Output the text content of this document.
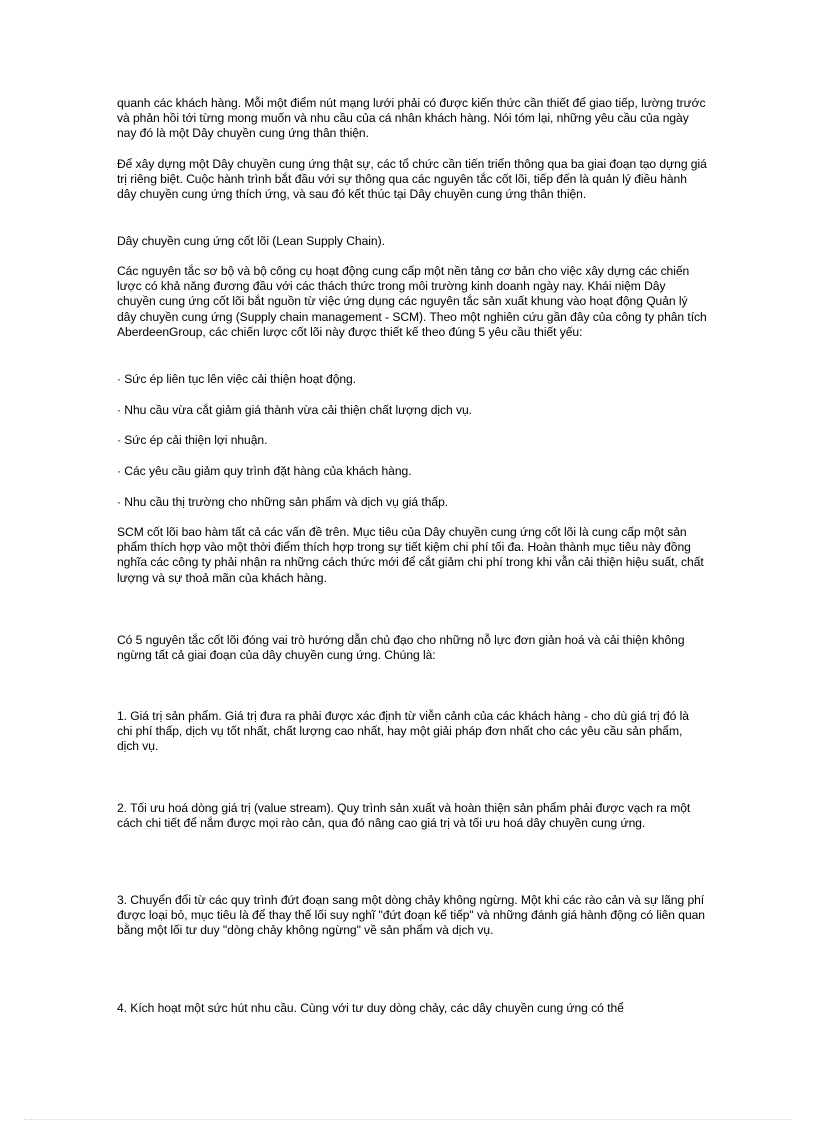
quanh các khách hàng. Mỗi một điểm nút mạng lưới phải có được kiến thức cần thiết để giao tiếp, lường trước và phản hồi tới từng mong muốn và nhu cầu của cá nhân khách hàng. Nói tóm lại, những yêu cầu của ngày nay đó là một Dây chuyền cung ứng thân thiện.

Để xây dựng một Dây chuyền cung ứng thật sự, các tổ chức cần tiến triển thông qua ba giai đoạn tạo dựng giá trị riêng biệt. Cuộc hành trình bắt đầu với sự thông qua các nguyên tắc cốt lõi, tiếp đến là quản lý điều hành dây chuyền cung ứng thích ứng, và sau đó kết thúc tại Dây chuyền cung ứng thân thiện.

Dây chuyền cung ứng cốt lõi (Lean Supply Chain).

Các nguyên tắc sơ bộ và bộ công cụ hoạt động cung cấp một nền tảng cơ bản cho việc xây dựng các chiến lược có khả năng đương đầu với các thách thức trong môi trường kinh doanh ngày nay. Khái niệm Dây chuyền cung ứng cốt lõi bắt nguồn từ việc ứng dụng các nguyên tắc sản xuất khung vào hoạt động Quản lý dây chuyền cung ứng (Supply chain management - SCM). Theo một nghiên cứu gần đây của công ty phân tích AberdeenGroup, các chiến lược cốt lõi này được thiết kế theo đúng 5 yêu cầu thiết yếu:

· Sức ép liên tục lên việc cải thiện hoạt động.

· Nhu cầu vừa cắt giảm giá thành vừa cải thiện chất lượng dịch vụ.

· Sức ép cải thiện lợi nhuận.

· Các yêu cầu giảm quy trình đặt hàng của khách hàng.

· Nhu cầu thị trường cho những sản phẩm và dịch vụ giá thấp.

SCM cốt lõi bao hàm tất cả các vấn đề trên. Mục tiêu của Dây chuyền cung ứng cốt lõi là cung cấp một sản phẩm thích hợp vào một thời điểm thích hợp trong sự tiết kiệm chi phí tối đa. Hoàn thành mục tiêu này đồng nghĩa các công ty phải nhận ra những cách thức mới để cắt giảm chi phí trong khi vẫn cải thiện hiệu suất, chất lượng và sự thoả mãn của khách hàng.

Có 5 nguyên tắc cốt lõi đóng vai trò hướng dẫn chủ đạo cho những nỗ lực đơn giản hoá và cải thiện không ngừng tất cả giai đoạn của dây chuyền cung ứng. Chúng là:

1. Giá trị sản phẩm. Giá trị đưa ra phải được xác định từ viễn cảnh của các khách hàng - cho dù giá trị đó là chi phí thấp, dịch vụ tốt nhất, chất lượng cao nhất, hay một giải pháp đơn nhất cho các yêu cầu sản phẩm, dịch vụ.

2. Tối ưu hoá dòng giá trị (value stream). Quy trình sản xuất và hoàn thiện sản phẩm phải được vạch ra một cách chi tiết để nắm được mọi rào cản, qua đó nâng cao giá trị và tối ưu hoá dây chuyền cung ứng.

3. Chuyển đổi từ các quy trình đứt đoạn sang một dòng chảy không ngừng. Một khi các rào cản và sự lãng phí được loại bỏ, mục tiêu là để thay thế lối suy nghĩ "đứt đoạn kế tiếp" và những đánh giá hành động có liên quan bằng một lối tư duy "dòng chảy không ngừng" về sản phẩm và dịch vụ.

4. Kích hoạt một sức hút nhu cầu. Cùng với tư duy dòng chảy, các dây chuyền cung ứng có thể
